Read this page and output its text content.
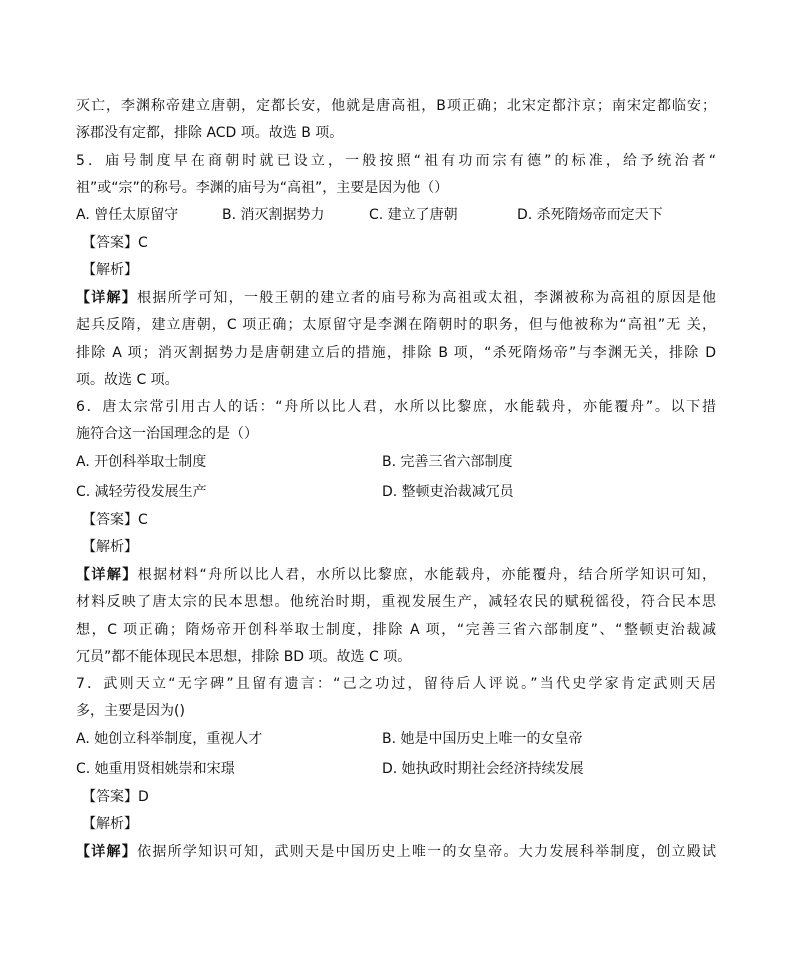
灭亡，李渊称帝建立唐朝，定都长安，他就是唐高祖，B项正确；北宋定都汴京；南宋定都临安；
涿郡没有定都，排除 ACD 项。故选 B 项。
5．庙号制度早在商朝时就已设立，一般按照“祖有功而宗有德”的标准，给予统治者“
祖”或“宗”的称号。李渊的庙号为“高祖”，主要是因为他（）
A. 曾任太原留守	B. 消灭割据势力	C. 建立了唐朝	D. 杀死隋炀帝而定天下
【答案】C
【解析】
【详解】根据所学可知，一般王朝的建立者的庙号称为高祖或太祖，李渊被称为高祖的原因是他
起兵反隋，建立唐朝，C 项正确；太原留守是李渊在隋朝时的职务，但与他被称为“高祖”无 关，
排除 A 项；消灭割据势力是唐朝建立后的措施，排除 B 项，“杀死隋炀帝”与李渊无关，排除 D
项。故选 C 项。
6．唐太宗常引用古人的话：“舟所以比人君，水所以比黎庶，水能载舟，亦能覆舟”。以下措
施符合这一治国理念的是（）
A. 开创科举取士制度	B. 完善三省六部制度
C. 减轻劳役发展生产	D. 整顿吏治裁减冗员
【答案】C
【解析】
【详解】根据材料“舟所以比人君，水所以比黎庶，水能载舟，亦能覆舟，结合所学知识可知，
材料反映了唐太宗的民本思想。他统治时期，重视发展生产，减轻农民的赋税徭役，符合民本思
想，C 项正确；隋炀帝开创科举取士制度，排除 A 项，“完善三省六部制度”、“整顿吏治裁减
冗员”都不能体现民本思想，排除 BD 项。故选 C 项。
7．武则天立“无字碑”且留有遗言：“己之功过，留待后人评说。”当代史学家肯定武则天居
多，主要是因为()
A. 她创立科举制度，重视人才	B. 她是中国历史上唯一的女皇帝
C. 她重用贤相姚崇和宋璟	D. 她执政时期社会经济持续发展
【答案】D
【解析】
【详解】依据所学知识可知，武则天是中国历史上唯一的女皇帝。大力发展科举制度，创立殿试
